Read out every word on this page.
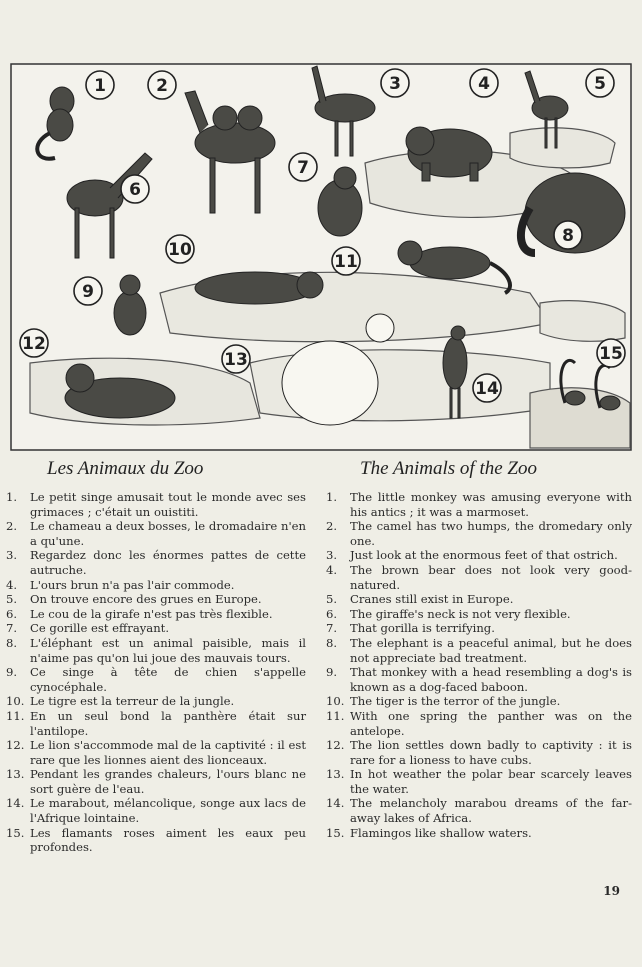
1	2	3	4	5
6
7
8
9
10
11
12
13
14
15
Les Animaux du Zoo	The Animals of the Zoo
1.	Le petit singe amusait tout le monde avec ses grimaces ; c'était un ouistiti.
2.	Le chameau a deux bosses, le dromadaire n'en a qu'une.
3.	Regardez donc les énormes pattes de cette autruche.
4.	L'ours brun n'a pas l'air commode.
5.	On trouve encore des grues en Europe.
6.	Le cou de la girafe n'est pas très flexible.
7.	Ce gorille est effrayant.
8.	L'éléphant est un animal paisible, mais il n'aime pas qu'on lui joue des mauvais tours.
9.	Ce singe à tête de chien s'appelle cynocéphale.
10. Le tigre est la terreur de la jungle.
11. En un seul bond la panthère était sur l'antilope.
12. Le lion s'accommode mal de la captivité : il est rare que les lionnes aient des lionceaux.
13. Pendant les grandes chaleurs, l'ours blanc ne sort guère de l'eau.
14. Le marabout, mélancolique, songe aux lacs de l'Afrique lointaine.
15. Les flamants roses aiment les eaux peu profondes.
1.	The little monkey was amusing everyone with his antics ; it was a marmoset.
2.	The camel has two humps, the dromedary only one.
3.	Just look at the enormous feet of that ostrich.
4.	The brown bear does not look very good-natured.
5.	Cranes still exist in Europe.
6.	The giraffe's neck is not very flexible.
7.	That gorilla is terrifying.
8.	The elephant is a peaceful animal, but he does not appreciate bad treatment.
9.	That monkey with a head resembling a dog's is known as a dog-faced baboon.
10. The tiger is the terror of the jungle.
11. With one spring the panther was on the antelope.
12. The lion settles down badly to captivity : it is rare for a lioness to have cubs.
13. In hot weather the polar bear scarcely leaves the water.
14. The melancholy marabou dreams of the far-away lakes of Africa.
15. Flamingos like shallow waters.
19
